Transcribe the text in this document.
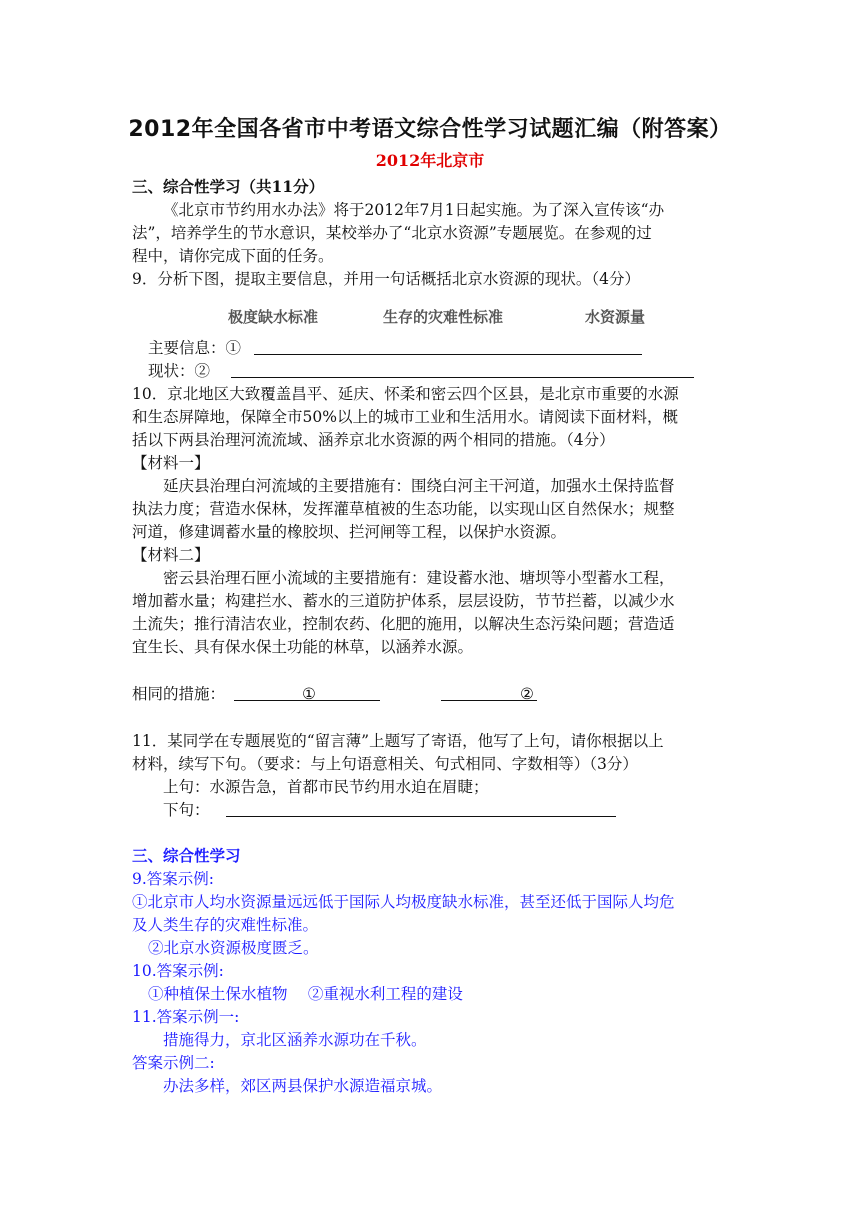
2012年全国各省市中考语文综合性学习试题汇编（附答案）
2012年北京市
三、综合性学习（共11分）
《北京市节约用水办法》将于2012年7月1日起实施。为了深入宣传该“办
法”，培养学生的节水意识，某校举办了“北京水资源”专题展览。在参观的过
程中，请你完成下面的任务。
9．分析下图，提取主要信息，并用一句话概括北京水资源的现状。（4分）
极度缺水标准	生存的灾难性标准	水资源量
主要信息：①
现状：②
10．京北地区大致覆盖昌平、延庆、怀柔和密云四个区县，是北京市重要的水源
和生态屏障地，保障全市50%以上的城市工业和生活用水。请阅读下面材料，概
括以下两县治理河流流域、涵养京北水资源的两个相同的措施。（4分）
【材料一】
延庆县治理白河流域的主要措施有：围绕白河主干河道，加强水土保持监督
执法力度；营造水保林，发挥灌草植被的生态功能，以实现山区自然保水；规整
河道，修建调蓄水量的橡胶坝、拦河闸等工程，以保护水资源。
【材料二】
密云县治理石匣小流域的主要措施有：建设蓄水池、塘坝等小型蓄水工程，
增加蓄水量；构建拦水、蓄水的三道防护体系，层层设防，节节拦蓄，以减少水
土流失；推行清洁农业，控制农药、化肥的施用，以解决生态污染问题；营造适
宜生长、具有保水保土功能的林草，以涵养水源。
相同的措施：	①	②
11．某同学在专题展览的“留言薄”上题写了寄语，他写了上句，请你根据以上
材料，续写下句。（要求：与上句语意相关、句式相同、字数相等）（3分）
上句：水源告急，首都市民节约用水迫在眉睫；
下句：
三、综合性学习
9.答案示例:
①北京市人均水资源量远远低于国际人均极度缺水标准，甚至还低于国际人均危
及人类生存的灾难性标准。
②北京水资源极度匮乏。
10.答案示例:
①种植保土保水植物　 ②重视水利工程的建设
11.答案示例一:
措施得力，京北区涵养水源功在千秋。
答案示例二:
办法多样，郊区两县保护水源造福京城。
